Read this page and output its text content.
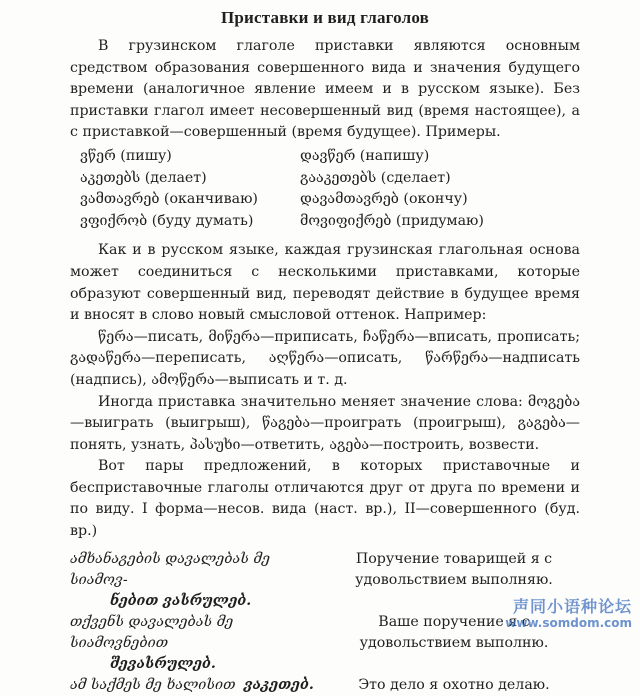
Приставки и вид глаголов

В грузинском глаголе приставки являются основным средством образования совершенного вида и значения будущего времени (аналогичное явление имеем и в русском языке). Без приставки глагол имеет несовершенный вид (время настоящее), а с приставкой—совершенный (время будущее). Примеры.

ვწერ (пишу)	დავწერ (напишу)
აკეთებს (делает)	გააკეთებს (сделает)
ვამთავრებ (оканчиваю)	დავამთავრებ (окончу)
ვფიქრობ (буду думать)	მოვიფიქრებ (придумаю)

Как и в русском языке, каждая грузинская глагольная основа может соединиться с несколькими приставками, которые образуют совершенный вид, переводят действие в будущее время и вносят в слово новый смысловой оттенок. Например:

წერა—писать, მიწერა—приписать, ჩაწერა—вписать, прописать; გადაწერა—переписать, აღწერა—описать, წარწერა—надписать (надпись), ამოწერა—выписать и т. д.

Иногда приставка значительно меняет значение слова: მოგება—выиграть (выигрыш), წაგება—проиграть (проигрыш), გაგება—понять, узнать, პასუხი—ответить, აგება—построить, возвести.

Вот пары предложений, в которых приставочные и бесприставочные глаголы отличаются друг от друга по времени и по виду. I форма—несов. вида (наст. вр.), II—совершенного (буд. вр.)

ამხანაგების დავალებას მე სიამოვ-
ნებით ვასრულებ.
Поручение товарищей я с удовольствием выполняю.
თქვენს დავალებას მე სიამოვნებით
შევასრულებ.
Ваше поручение я с удовольствием выполню.
ამ საქმეს მე ხალისით ვაკეთებ.	Это дело я охотно делаю.
声同小语种论坛
www.somdom.com
